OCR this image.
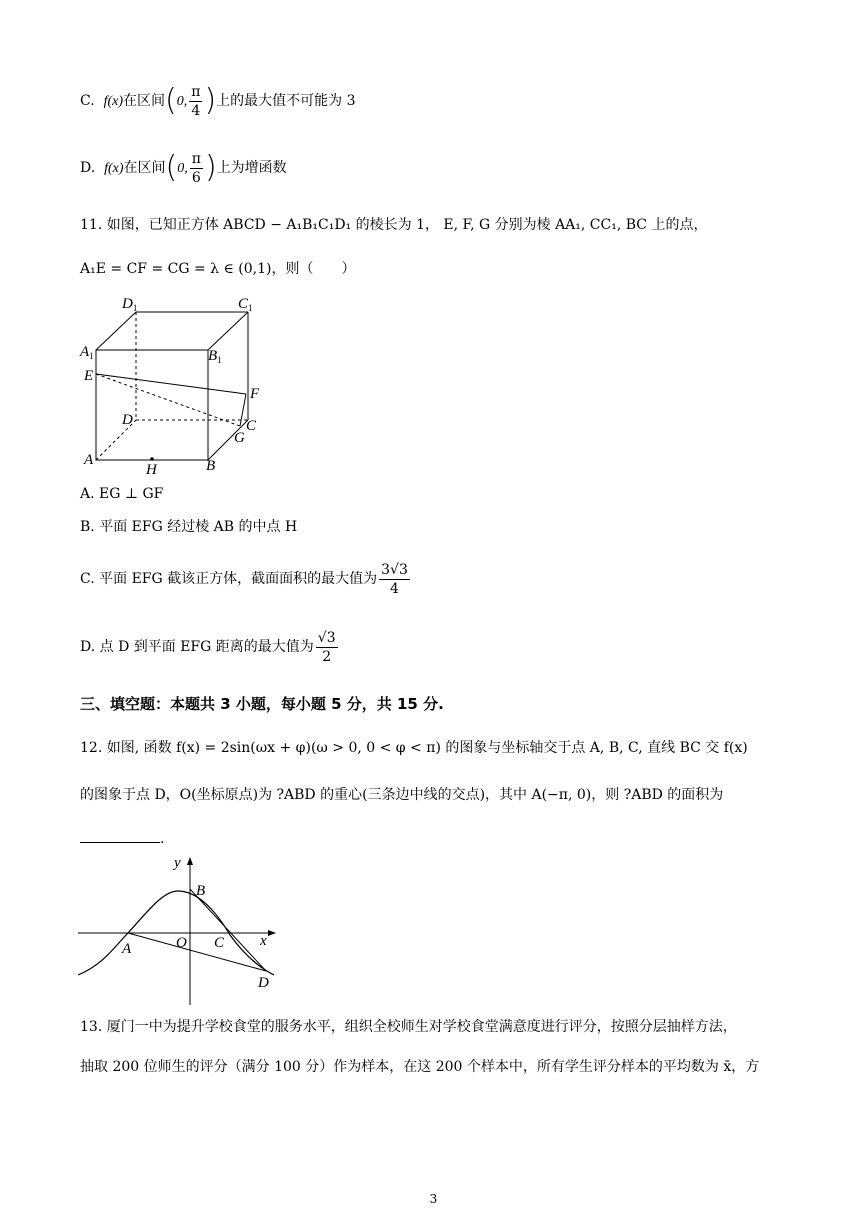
C. f(x)在区间(0, $\frac{\pi}{4}$ )上的最大值不可能为 3
D. f(x)在区间(0, $\frac{\pi}{6}$ )上为增函数
11. 如图，已知正方体 ABCD − A₁B₁C₁D₁ 的棱长为 1， E, F, G 分别为棱 AA₁, CC₁, BC 上的点，
A₁E = CF = CG = λ ∈ (0,1)，则（　　）
$D_1$	$C_1$
$A_1$	$B_1$
E
F
D	C
G
A
H	B
A. EG ⊥ GF
B. 平面 EFG 经过棱 AB 的中点 H
C. 平面 EFG 截该正方体，截面面积的最大值为 $\frac{3√3}{4}$
D. 点 D 到平面 EFG 距离的最大值为 $\frac{√3}{2}$
三、填空题：本题共 3 小题，每小题 5 分，共 15 分.
12. 如图, 函数 f(x) = 2sin(ωx + φ)(ω > 0, 0 < φ < π) 的图象与坐标轴交于点 A, B, C, 直线 BC 交 f(x)
的图象于点 D，O(坐标原点)为 ?ABD 的重心(三条边中线的交点)，其中 A(−π, 0)，则 ?ABD 的面积为
.
y
x
B
O C
A
D
13. 厦门一中为提升学校食堂的服务水平，组织全校师生对学校食堂满意度进行评分，按照分层抽样方法，
抽取 200 位师生的评分（满分 100 分）作为样本，在这 200 个样本中，所有学生评分样本的平均数为 x̄，方
3
